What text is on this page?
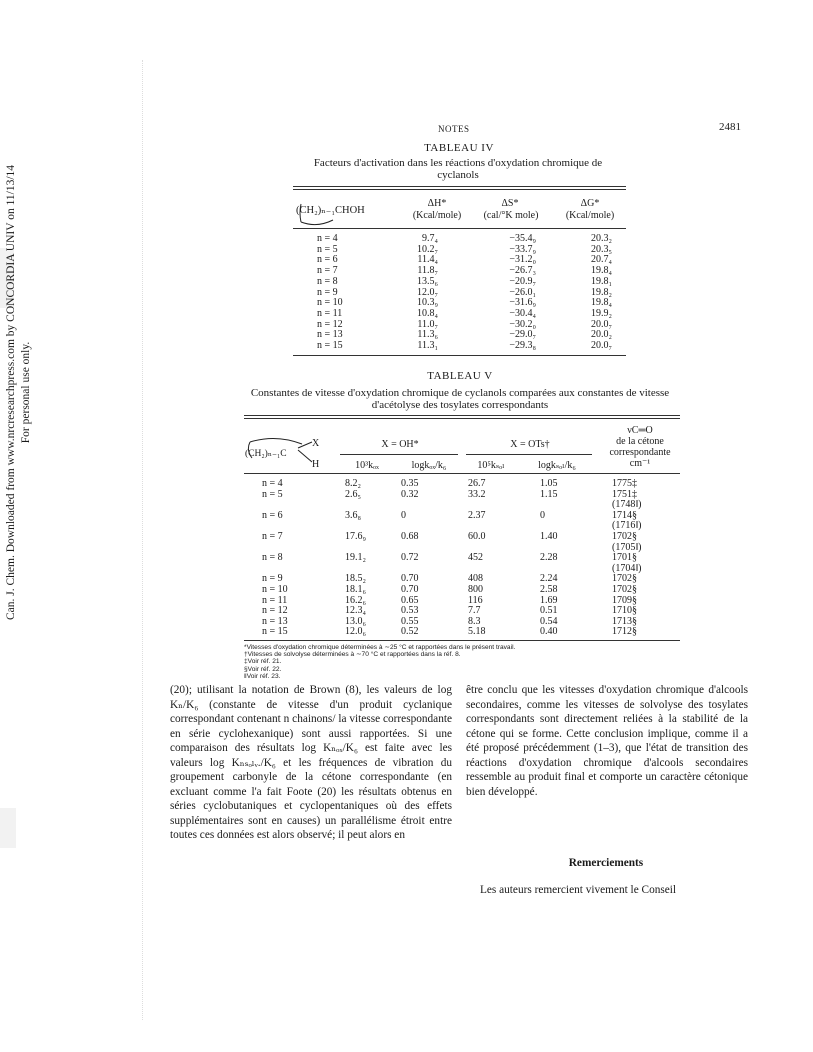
Can. J. Chem. Downloaded from www.nrcresearchpress.com by CONCORDIA UNIV on 11/13/14 For personal use only.
NOTES	2481
TABLEAU IV
Facteurs d'activation dans les réactions d'oxydation chromique de cyclanols
(CH₂)ₙ₋₁CHOH
ΔH*
(Kcal/mole)
ΔS*
(cal/°K mole)
ΔG*
(Kcal/mole)
n = 4	9.7₄	−35.4₉	20.3₂
n = 5	10.2₇	−33.7₉	20.3₅
n = 6	11.4₄	−31.2₀	20.7₄
n = 7	11.8₇	−26.7₃	19.8₄
n = 8	13.5₆	−20.9₇	19.8₁
n = 9	12.0₇	−26.0₁	19.8₂
n = 10	10.3₉	−31.6₉	19.8₄
n = 11	10.8₄	−30.4₄	19.9₂
n = 12	11.0₇	−30.2₀	20.0₇
n = 13	11.3₆	−29.0₇	20.0₂
n = 15	11.3₁	−29.3₈	20.0₇
TABLEAU V
Constantes de vitesse d'oxydation chromique de cyclanols comparées aux constantes de vitesse d'acétolyse des tosylates correspondants
(CH₂)ₙ₋₁C
X
H
X = OH*	X = OTs†
10³kₒₓ	logkₒₓ/k₆	10⁵kₛₒₗ	logkₛₒₗ/k₆
νC═O
de la cétone
correspondante
cm⁻¹
n = 4	8.2₂	0.35	26.7	1.05	1775‡
n = 5	2.6₅	0.32	33.2	1.15	1751‡
(1748‖)
n = 6	3.6₈	0	2.37	0	1714§
(1716‖)
n = 7	17.6₉	0.68	60.0	1.40	1702§
(1705‖)
n = 8	19.1₂	0.72	452	2.28	1701§
(1704‖)
n = 9	18.5₂	0.70	408	2.24	1702§
n = 10	18.1₆	0.70	800	2.58	1702§
n = 11	16.2₆	0.65	116	1.69	1709§
n = 12	12.3₄	0.53	7.7	0.51	1710§
n = 13	13.0₆	0.55	8.3	0.54	1713§
n = 15	12.0₆	0.52	5.18	0.40	1712§
*Vitesses d'oxydation chromique déterminées à ∼25 °C et rapportées dans le présent travail.
†Vitesses de solvolyse déterminées à ∼70 °C et rapportées dans la réf. 8.
‡Voir réf. 21.
§Voir réf. 22.
‖Voir réf. 23.

(20); utilisant la notation de Brown (8), les valeurs de log Kₙ/K₆ (constante de vitesse d'un produit cyclanique correspondant contenant n chainons/ la vitesse correspondante en série cyclohexanique) sont aussi rapportées. Si une comparaison des résultats log Kₙₒₓ/K₆ est faite avec les valeurs log Kₙₛₒₗᵥ./K₆ et les fréquences de vibration du groupement carbonyle de la cétone correspondante (en excluant comme l'a fait Foote (20) les résultats obtenus en séries cyclobutaniques et cyclopentaniques où des effets supplémentaires sont en causes) un parallélisme étroit entre toutes ces données est alors observé; il peut alors en

être conclu que les vitesses d'oxydation chromique d'alcools secondaires, comme les vitesses de solvolyse des tosylates correspondants sont directement reliées à la stabilité de la cétone qui se forme. Cette conclusion implique, comme il a été proposé précédemment (1–3), que l'état de transition des réactions d'oxydation chromique d'alcools secondaires ressemble au produit final et comporte un caractère cétonique bien développé.

Remerciements

Les auteurs remercient vivement le Conseil
